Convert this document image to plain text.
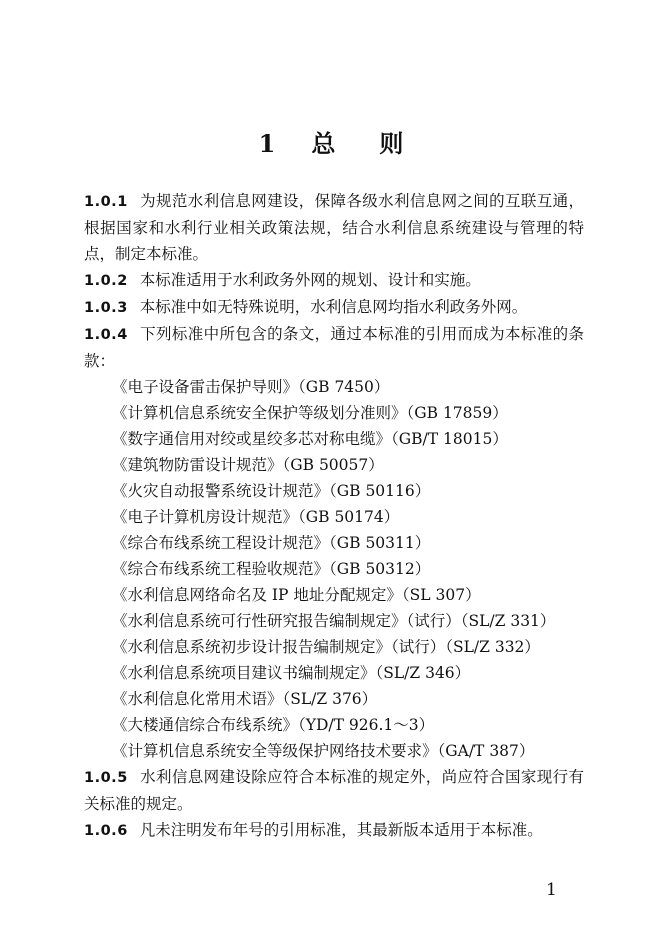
1 总 则

1.0.1 为规范水利信息网建设，保障各级水利信息网之间的互联互通，根据国家和水利行业相关政策法规，结合水利信息系统建设与管理的特点，制定本标准。

1.0.2 本标准适用于水利政务外网的规划、设计和实施。

1.0.3 本标准中如无特殊说明，水利信息网均指水利政务外网。

1.0.4 下列标准中所包含的条文，通过本标准的引用而成为本标准的条款：

《电子设备雷击保护导则》（GB 7450）
《计算机信息系统安全保护等级划分准则》（GB 17859）
《数字通信用对绞或星绞多芯对称电缆》（GB/T 18015）
《建筑物防雷设计规范》（GB 50057）
《火灾自动报警系统设计规范》（GB 50116）
《电子计算机房设计规范》（GB 50174）
《综合布线系统工程设计规范》（GB 50311）
《综合布线系统工程验收规范》（GB 50312）
《水利信息网络命名及 IP 地址分配规定》（SL 307）
《水利信息系统可行性研究报告编制规定》（试行）（SL/Z 331）
《水利信息系统初步设计报告编制规定》（试行）（SL/Z 332）
《水利信息系统项目建议书编制规定》（SL/Z 346）
《水利信息化常用术语》（SL/Z 376）
《大楼通信综合布线系统》（YD/T 926.1～3）
《计算机信息系统安全等级保护网络技术要求》（GA/T 387）

1.0.5 水利信息网建设除应符合本标准的规定外，尚应符合国家现行有关标准的规定。

1.0.6 凡未注明发布年号的引用标准，其最新版本适用于本标准。

1
